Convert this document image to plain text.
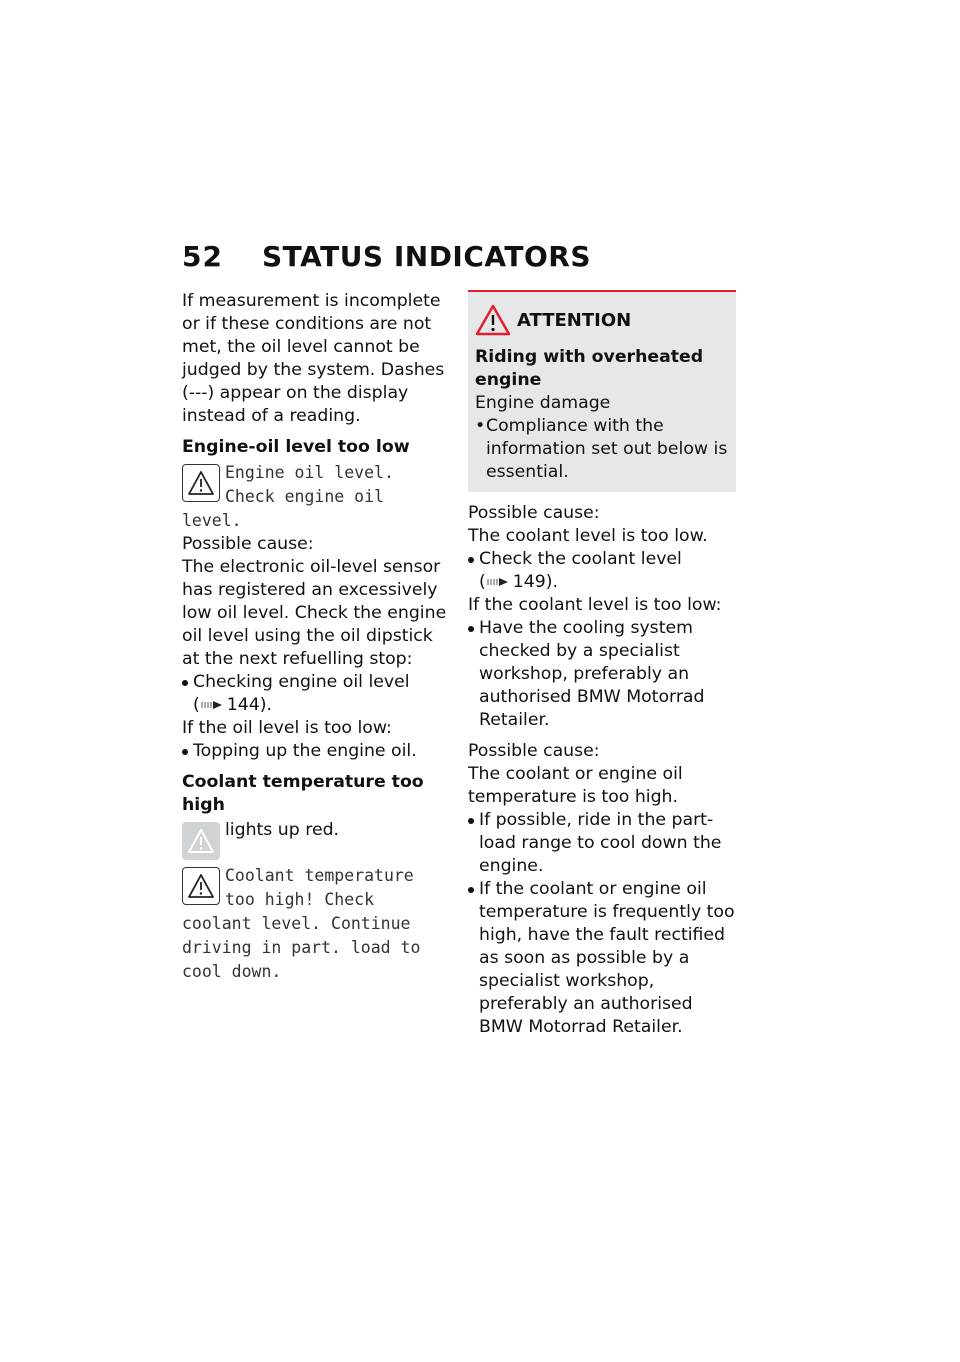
52	STATUS INDICATORS

If measurement is incomplete or if these conditions are not met, the oil level cannot be judged by the system. Dashes (---) appear on the display instead of a reading.

Engine-oil level too low

Engine oil level. Check engine oil level.

Possible cause:

The electronic oil-level sensor has registered an excessively low oil level. Check the engine oil level using the oil dipstick at the next refuelling stop:

Checking engine oil level
( 144).

If the oil level is too low:

Topping up the engine oil.

Coolant temperature too high

lights up red.
Coolant temperature too high! Check coolant level. Continue driving in part. load to cool down.
ATTENTION

Riding with overheated engine

Engine damage

• Compliance with the information set out below is essential.

Possible cause:

The coolant level is too low.

Check the coolant level
( 149).

If the coolant level is too low:

Have the cooling system checked by a specialist workshop, preferably an authorised BMW Motorrad Retailer.

Possible cause:

The coolant or engine oil temperature is too high.

If possible, ride in the part-load range to cool down the engine.
If the coolant or engine oil temperature is frequently too high, have the fault rectified as soon as possible by a specialist workshop, preferably an authorised BMW Motorrad Retailer.
